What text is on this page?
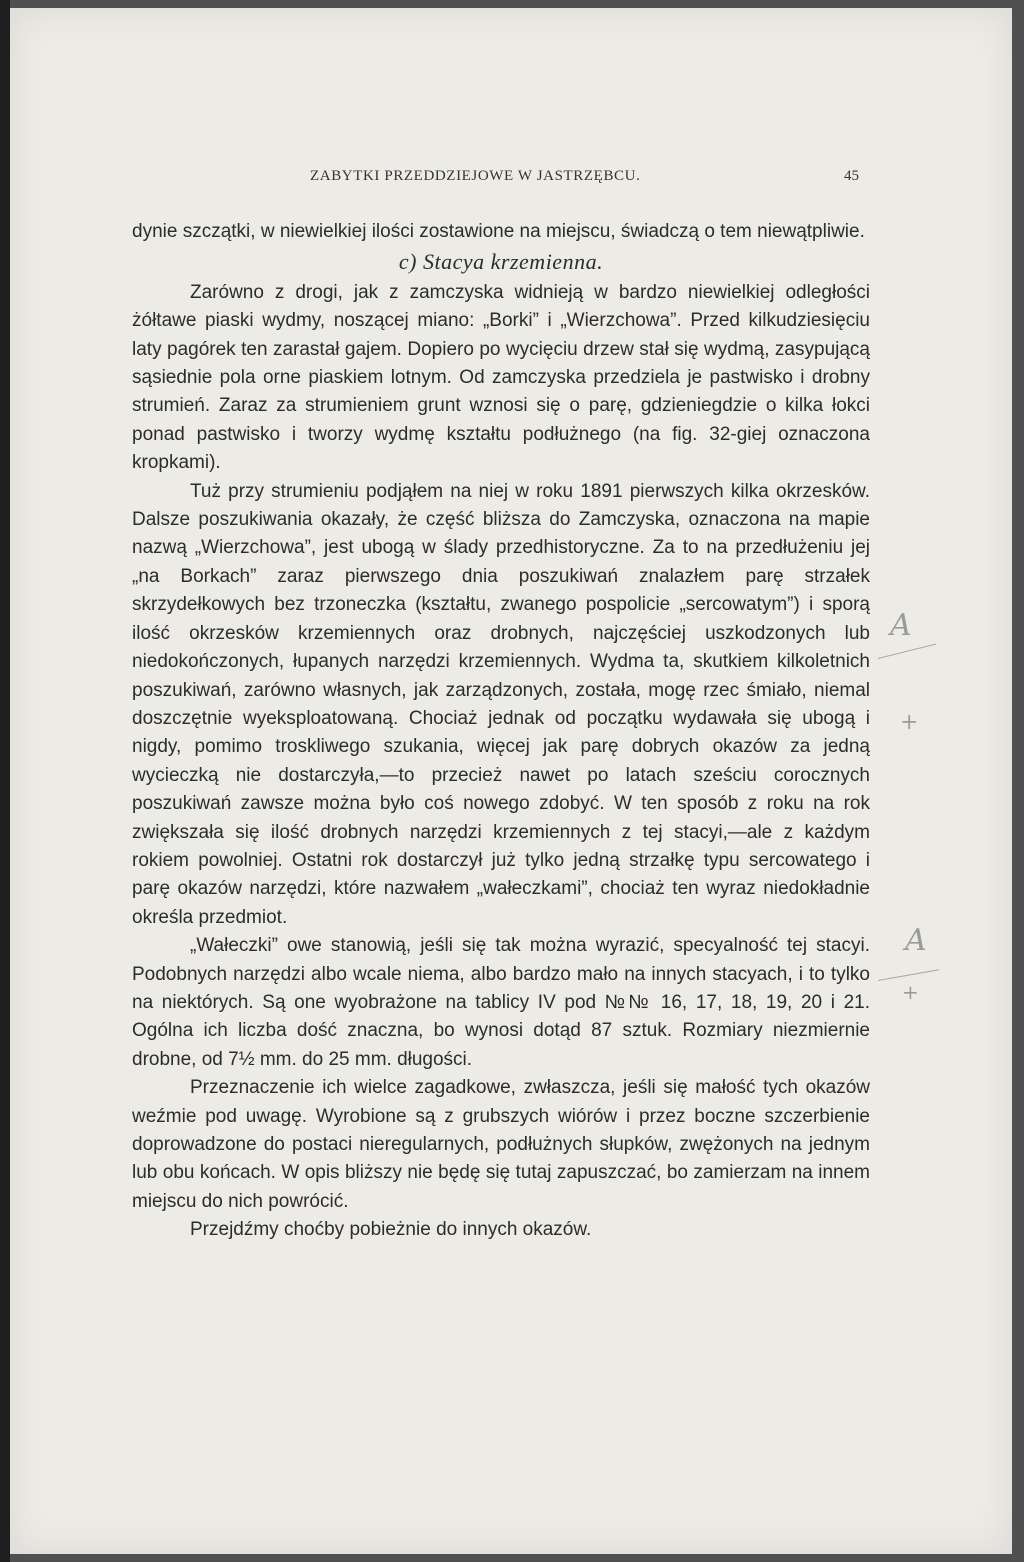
ZABYTKI PRZEDDZIEJOWE W JASTRZĘBCU.	45

dynie szczątki, w niewielkiej ilości zostawione na miejscu, świadczą o tem niewątpliwie.

c) Stacya krzemienna.

Zarówno z drogi, jak z zamczyska widnieją w bardzo niewielkiej odległości żółtawe piaski wydmy, noszącej miano: „Borki” i „Wierzchowa”. Przed kilkudziesięciu laty pagórek ten zarastał gajem. Dopiero po wycięciu drzew stał się wydmą, zasypującą sąsiednie pola orne piaskiem lotnym. Od zamczyska przedziela je pastwisko i drobny strumień. Zaraz za strumieniem grunt wznosi się o parę, gdzieniegdzie o kilka łokci ponad pastwisko i tworzy wydmę kształtu podłużnego (na fig. 32-giej oznaczona kropkami).

Tuż przy strumieniu podjąłem na niej w roku 1891 pierwszych kilka okrzesków. Dalsze poszukiwania okazały, że część bliższa do Zamczyska, oznaczona na mapie nazwą „Wierzchowa”, jest ubogą w ślady przedhistoryczne. Za to na przedłużeniu jej „na Borkach” zaraz pierwszego dnia poszukiwań znalazłem parę strzałek skrzydełkowych bez trzoneczka (kształtu, zwanego pospolicie „sercowatym”) i sporą ilość okrzesków krzemiennych oraz drobnych, najczęściej uszkodzonych lub niedokończonych, łupanych narzędzi krzemiennych. Wydma ta, skutkiem kilkoletnich poszukiwań, zarówno własnych, jak zarządzonych, została, mogę rzec śmiało, niemal doszczętnie wyeksploatowaną. Chociaż jednak od początku wydawała się ubogą i nigdy, pomimo troskliwego szukania, więcej jak parę dobrych okazów za jedną wycieczką nie dostarczyła,—to przecież nawet po latach sześciu corocznych poszukiwań zawsze można było coś nowego zdobyć. W ten sposób z roku na rok zwiększała się ilość drobnych narzędzi krzemiennych z tej stacyi,—ale z każdym rokiem powolniej. Ostatni rok dostarczył już tylko jedną strzałkę typu sercowatego i parę okazów narzędzi, które nazwałem „wałeczkami”, chociaż ten wyraz niedokładnie określa przedmiot.

„Wałeczki” owe stanowią, jeśli się tak można wyrazić, specyalność tej stacyi. Podobnych narzędzi albo wcale niema, albo bardzo mało na innych stacyach, i to tylko na niektórych. Są one wyobrażone na tablicy IV pod №№ 16, 17, 18, 19, 20 i 21. Ogólna ich liczba dość znaczna, bo wynosi dotąd 87 sztuk. Rozmiary niezmiernie drobne, od 7½ mm. do 25 mm. długości.

Przeznaczenie ich wielce zagadkowe, zwłaszcza, jeśli się małość tych okazów weźmie pod uwagę. Wyrobione są z grubszych wiórów i przez boczne szczerbienie doprowadzone do postaci nieregularnych, podłużnych słupków, zwężonych na jednym lub obu końcach. W opis bliższy nie będę się tutaj zapuszczać, bo zamierzam na innem miejscu do nich powrócić.

Przejdźmy choćby pobieżnie do innych okazów.

A
+
A
+
